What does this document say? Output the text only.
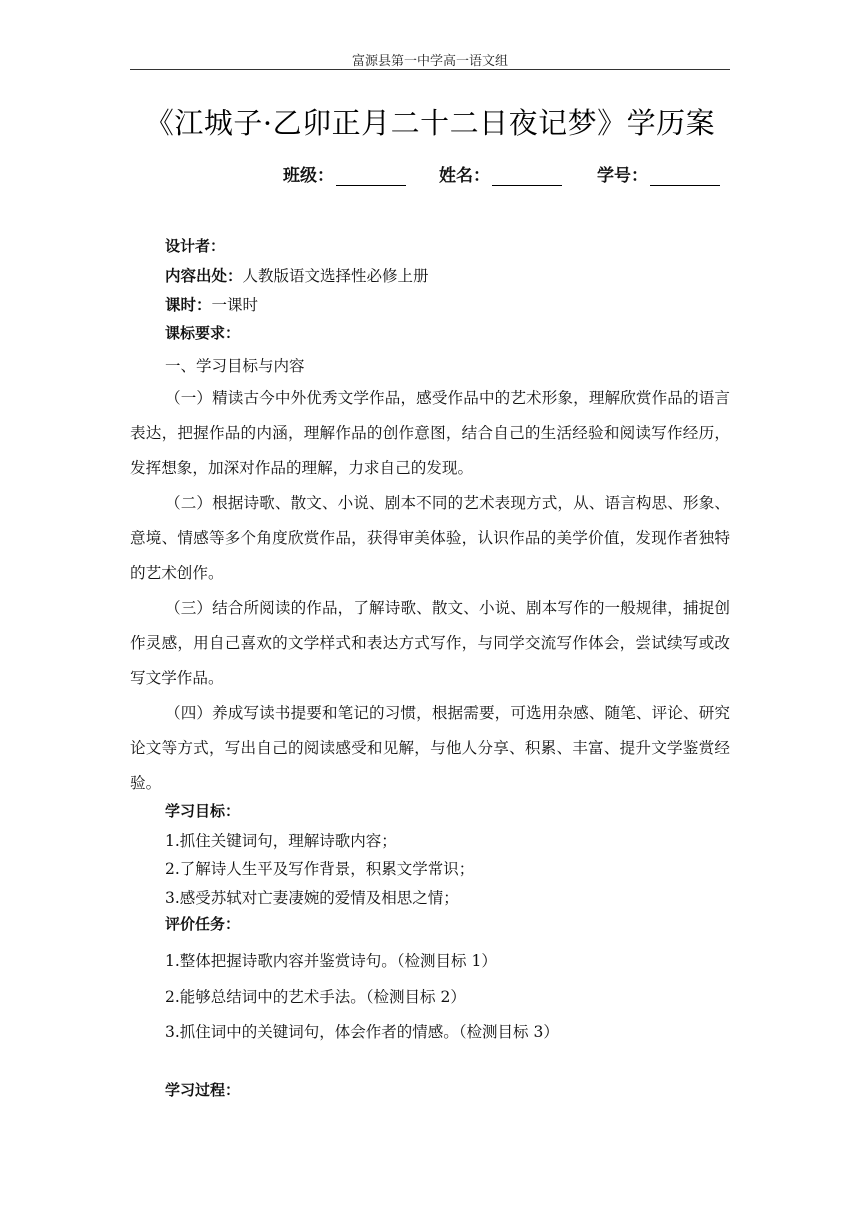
富源县第一中学高一语文组
《江城子·乙卯正月二十二日夜记梦》学历案
班级：	姓名：	学号：
设计者：
内容出处：人教版语文选择性必修上册
课时：一课时
课标要求：
一、学习目标与内容

（一）精读古今中外优秀文学作品，感受作品中的艺术形象，理解欣赏作品的语言表达，把握作品的内涵，理解作品的创作意图，结合自己的生活经验和阅读写作经历，发挥想象，加深对作品的理解，力求自己的发现。

（二）根据诗歌、散文、小说、剧本不同的艺术表现方式，从、语言构思、形象、意境、情感等多个角度欣赏作品，获得审美体验，认识作品的美学价值，发现作者独特的艺术创作。

（三）结合所阅读的作品，了解诗歌、散文、小说、剧本写作的一般规律，捕捉创作灵感，用自己喜欢的文学样式和表达方式写作，与同学交流写作体会，尝试续写或改写文学作品。

（四）养成写读书提要和笔记的习惯，根据需要，可选用杂感、随笔、评论、研究论文等方式，写出自己的阅读感受和见解，与他人分享、积累、丰富、提升文学鉴赏经验。

学习目标：
1.抓住关键词句，理解诗歌内容；
2.了解诗人生平及写作背景，积累文学常识；
3.感受苏轼对亡妻凄婉的爱情及相思之情；
评价任务：
1.整体把握诗歌内容并鉴赏诗句。（检测目标 1）
2.能够总结词中的艺术手法。（检测目标 2）
3.抓住词中的关键词句，体会作者的情感。（检测目标 3）
学习过程：
